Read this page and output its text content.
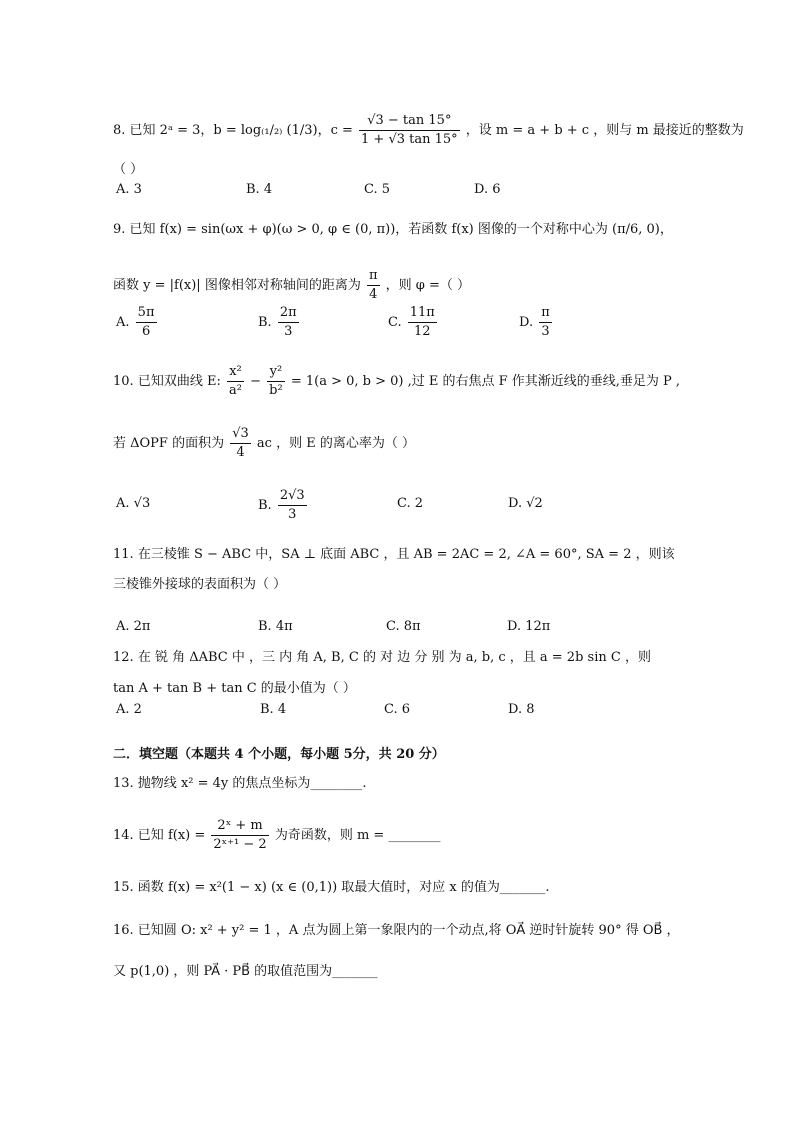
8. 已知 2ᵃ = 3，b = log₍₁/₂₎ (1/3)，$c = \frac{√3 - \tan 15^\circ}{1 + √3 \tan 15^\circ}$ ，设 m = a + b + c ，则与 m 最接近的整数为
（ ）
A. 3	B. 4	C. 5	D. 6
9. 已知 f(x) = sin(ωx + φ)(ω > 0, φ ∈ (0, π))，若函数 f(x) 图像的一个对称中心为 (π/6, 0)，
函数 y = |f(x)| 图像相邻对称轴间的距离为 $\frac{\pi}{4}$ ，则 φ =（ ）
A. $\frac{5\pi}{6}$	B. $\frac{2\pi}{3}$	C. $\frac{11\pi}{12}$	D. $\frac{\pi}{3}$
10. 已知双曲线 E: $\frac{\text{x²}}{\text{a²}} - \frac{\text{y²}}{\text{b²}} = 1(a > 0$, b > 0) ,过 E 的右焦点 F 作其渐近线的垂线,垂足为 P ,
若 ΔOPF 的面积为 $\frac{√3}{4}$ ac ，则 E 的离心率为（ ）
A. √3	B. $\frac{2√3}{3}$	C. 2	D. √2
11. 在三棱锥 S − ABC 中，SA ⊥ 底面 ABC ，且 AB = 2AC = 2, ∠A = 60°, SA = 2 ，则该
三棱锥外接球的表面积为（ ）
A. 2π	B. 4π	C. 8π	D. 12π
12. 在 锐 角 ΔABC 中 ，三 内 角 A, B, C 的 对 边 分 别 为 a, b, c ，且 a = 2b sin C ，则
tan A + tan B + tan C 的最小值为（ ）
A. 2	B. 4	C. 6	D. 8
二．填空题（本题共 4 个小题，每小题 5分，共 20 分）
13. 抛物线 x² = 4y 的焦点坐标为________.
14. 已知 $f(x) = \frac{\text{2ˣ + m}}{\text{2ˣ⁺¹ − 2}}$ 为奇函数，则 m = ________
15. 函数 f(x) = x²(1 − x) (x ∈ (0,1)) 取最大值时，对应 x 的值为_______.
16. 已知圆 O: x² + y² = 1 ，A 点为圆上第一象限内的一个动点,将 OA⃗ 逆时针旋转 90° 得 OB⃗ ，
又 p(1,0) ，则 PA⃗ · PB⃗ 的取值范围为_______
